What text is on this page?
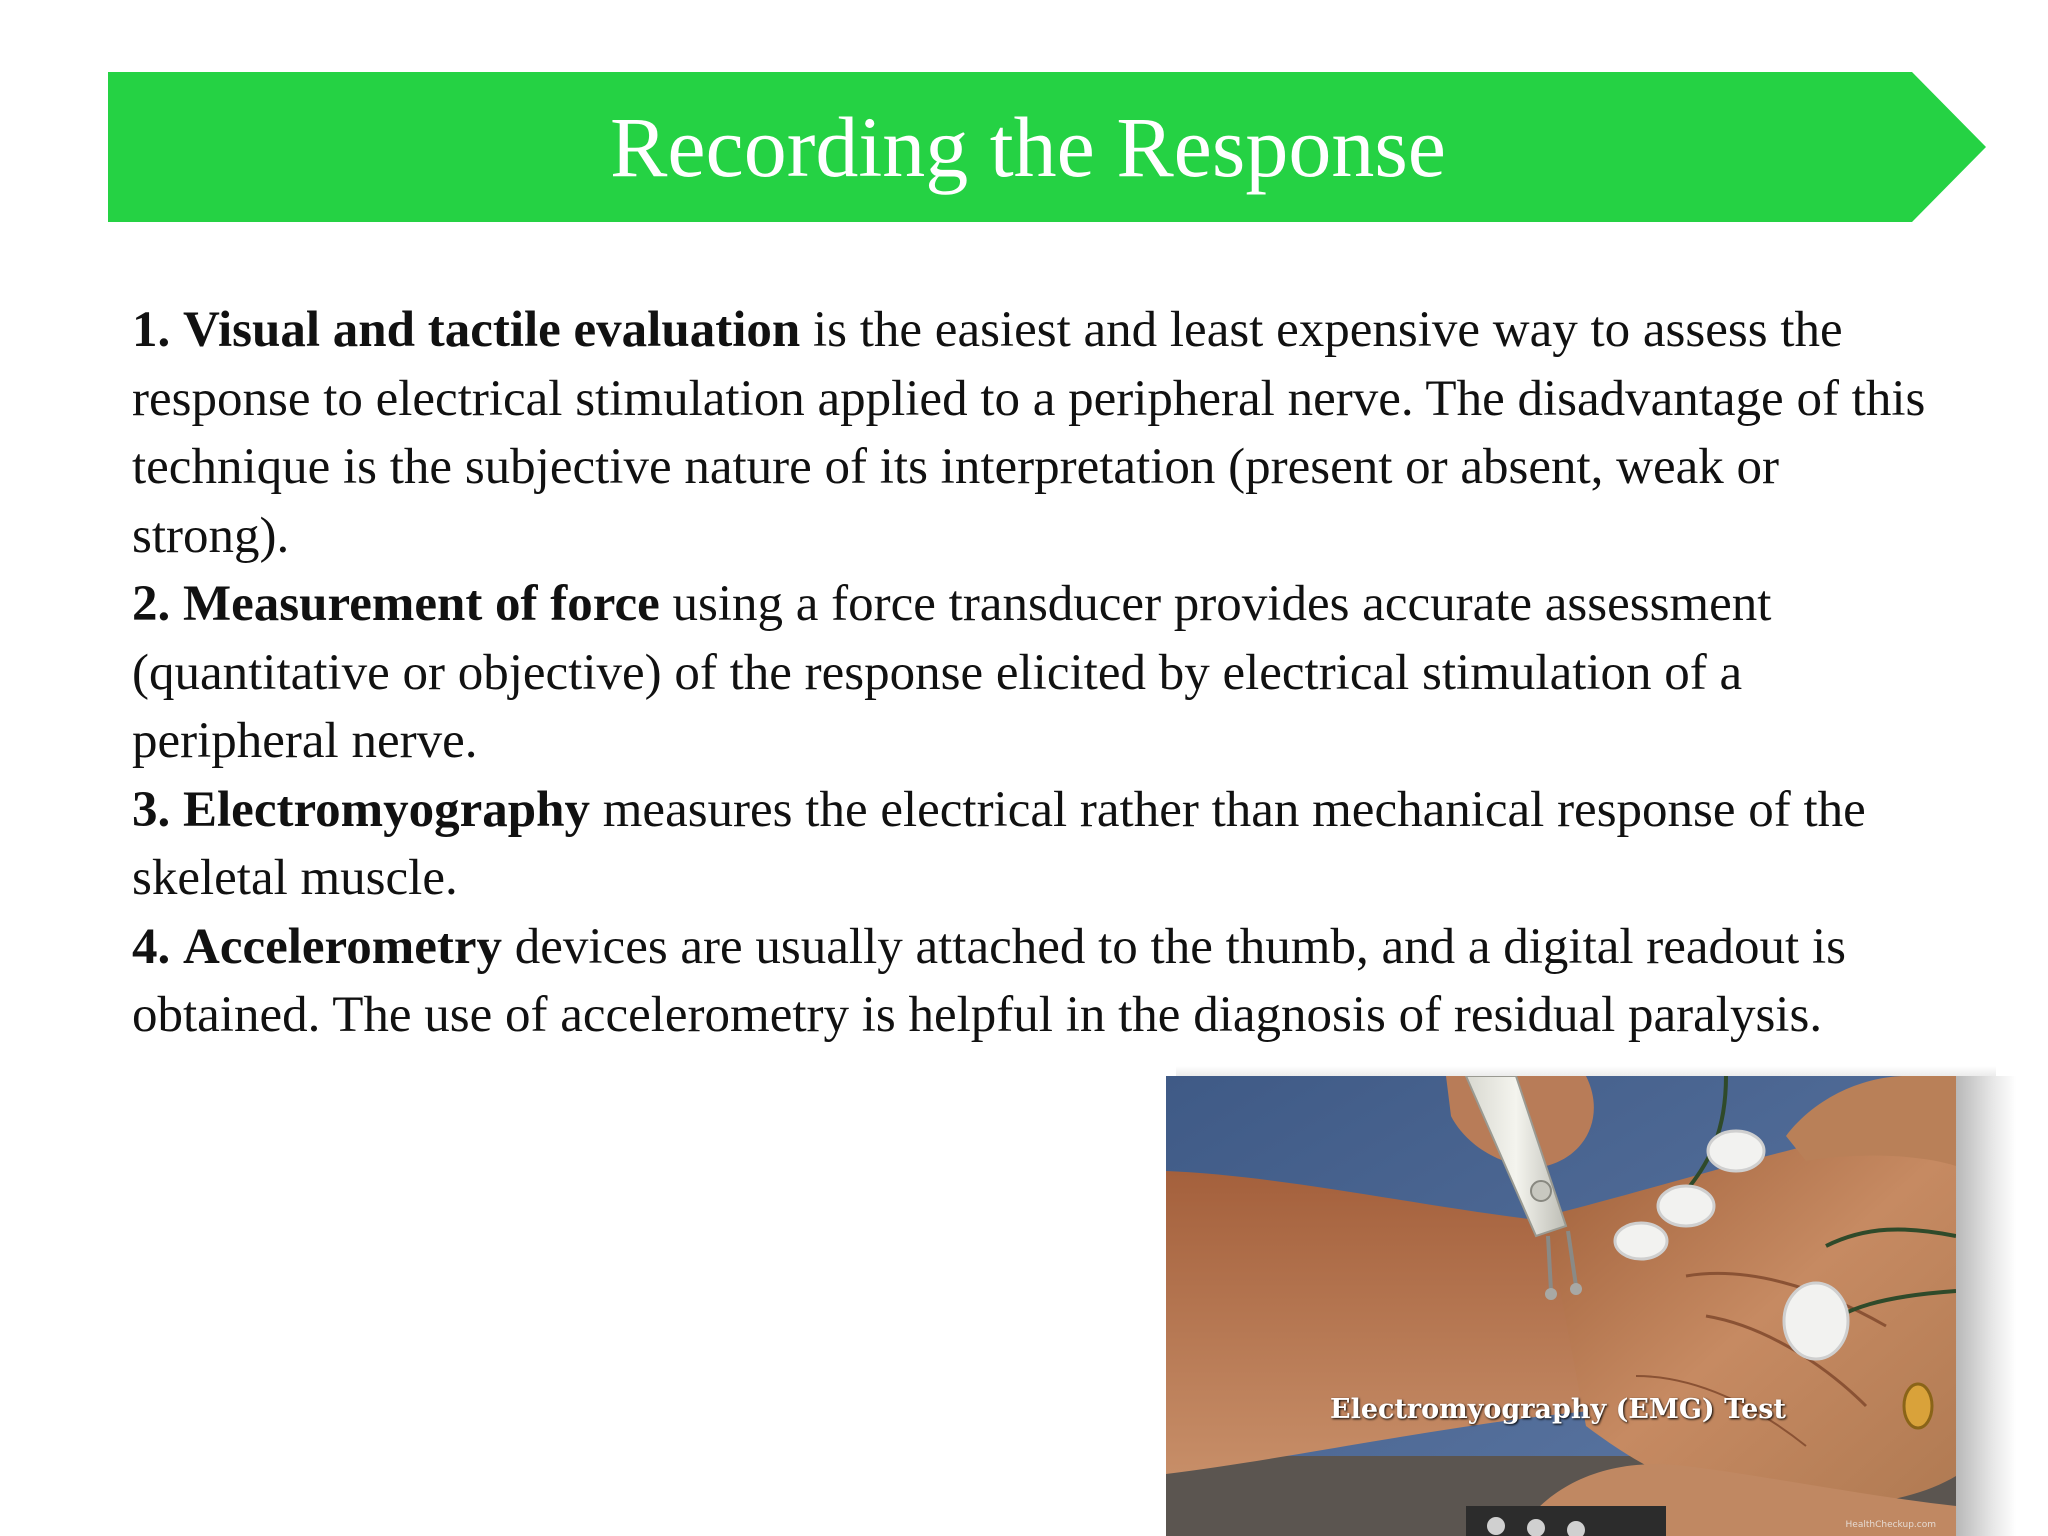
Recording the Response

1. Visual and tactile evaluation is the easiest and least expensive way to assess the response to electrical stimulation applied to a peripheral nerve. The disadvantage of this technique is the subjective nature of its interpretation (present or absent, weak or strong).

2. Measurement of force using a force transducer provides accurate assessment (quantitative or objective) of the response elicited by electrical stimulation of a peripheral nerve.

3. Electromyography measures the electrical rather than mechanical response of the skeletal muscle.

4. Accelerometry devices are usually attached to the thumb, and a digital readout is obtained. The use of accelerometry is helpful in the diagnosis of residual paralysis.

Electromyography (EMG) Test
HealthCheckup.com
